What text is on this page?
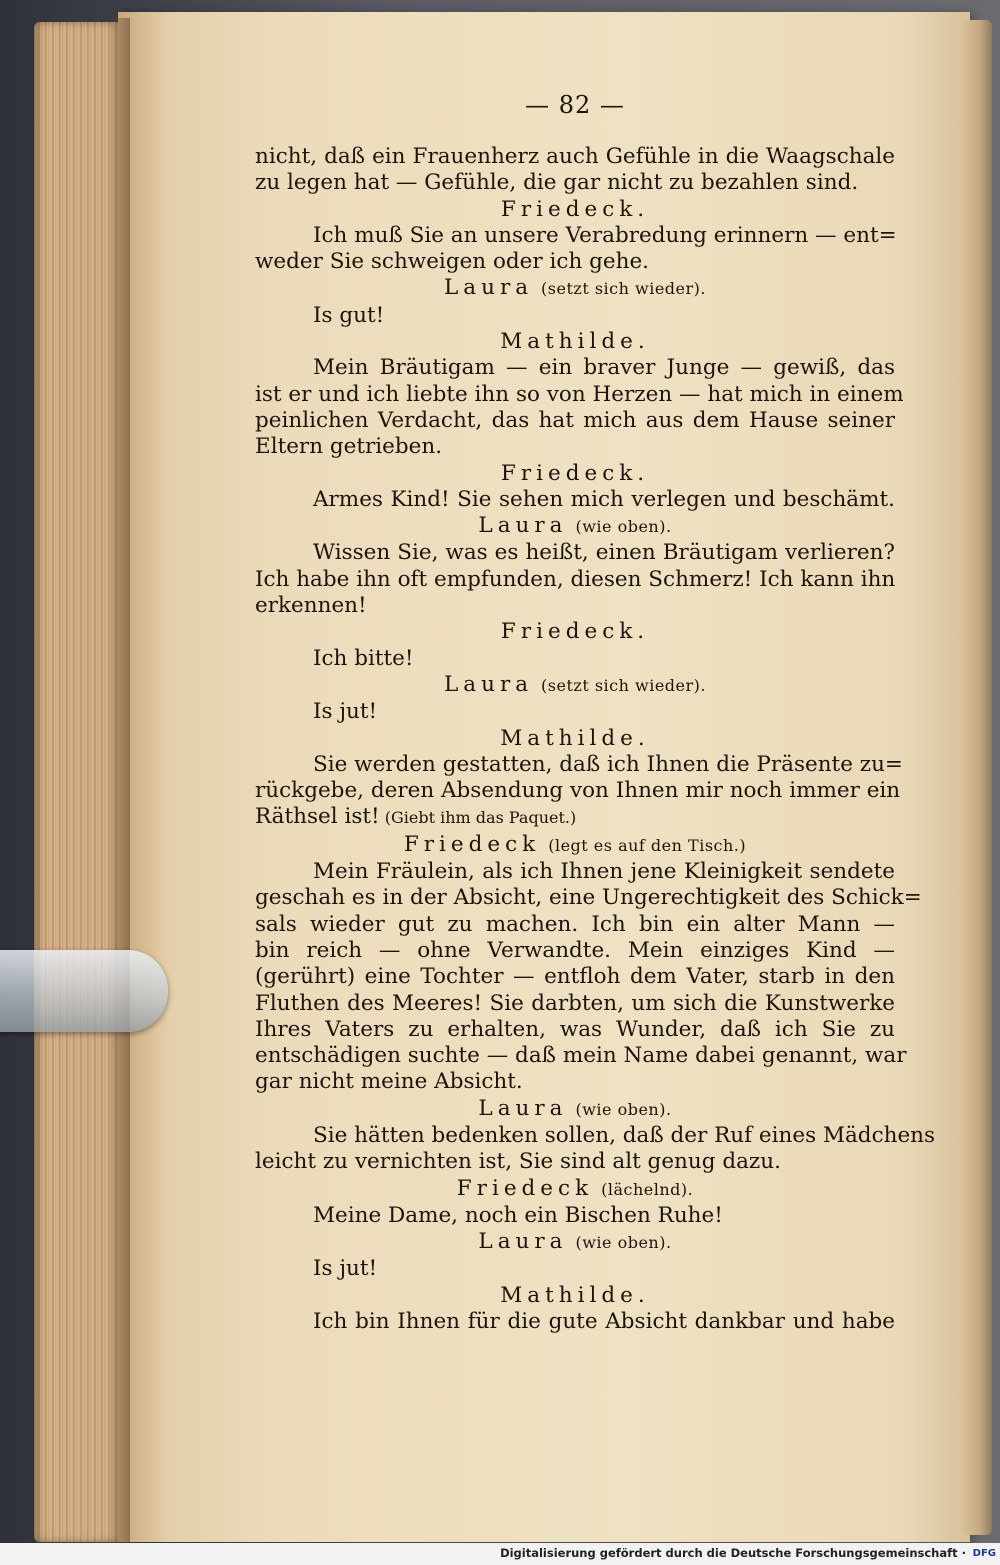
— 82 —

nicht, daß ein Frauenherz auch Gefühle in die Waagschale

zu legen hat — Gefühle, die gar nicht zu bezahlen sind.

Friedeck.

Ich muß Sie an unsere Verabredung erinnern — ent=

weder Sie schweigen oder ich gehe.

Laura (setzt sich wieder).

Is gut!

Mathilde.

Mein Bräutigam — ein braver Junge — gewiß, das

ist er und ich liebte ihn so von Herzen — hat mich in einem

peinlichen Verdacht, das hat mich aus dem Hause seiner

Eltern getrieben.

Friedeck.

Armes Kind! Sie sehen mich verlegen und beschämt.

Laura (wie oben).

Wissen Sie, was es heißt, einen Bräutigam verlieren?

Ich habe ihn oft empfunden, diesen Schmerz! Ich kann ihn

erkennen!

Friedeck.

Ich bitte!

Laura (setzt sich wieder).

Is jut!

Mathilde.

Sie werden gestatten, daß ich Ihnen die Präsente zu=

rückgebe, deren Absendung von Ihnen mir noch immer ein

Räthsel ist! (Giebt ihm das Paquet.)

Friedeck (legt es auf den Tisch.)

Mein Fräulein, als ich Ihnen jene Kleinigkeit sendete

geschah es in der Absicht, eine Ungerechtigkeit des Schick=

sals wieder gut zu machen. Ich bin ein alter Mann —

bin reich — ohne Verwandte. Mein einziges Kind —

(gerührt) eine Tochter — entfloh dem Vater, starb in den

Fluthen des Meeres! Sie darbten, um sich die Kunstwerke

Ihres Vaters zu erhalten, was Wunder, daß ich Sie zu

entschädigen suchte — daß mein Name dabei genannt, war

gar nicht meine Absicht.

Laura (wie oben).

Sie hätten bedenken sollen, daß der Ruf eines Mädchens

leicht zu vernichten ist, Sie sind alt genug dazu.

Friedeck (lächelnd).

Meine Dame, noch ein Bischen Ruhe!

Laura (wie oben).

Is jut!

Mathilde.

Ich bin Ihnen für die gute Absicht dankbar und habe

Digitalisierung gefördert durch die Deutsche Forschungsgemeinschaft · DFG
